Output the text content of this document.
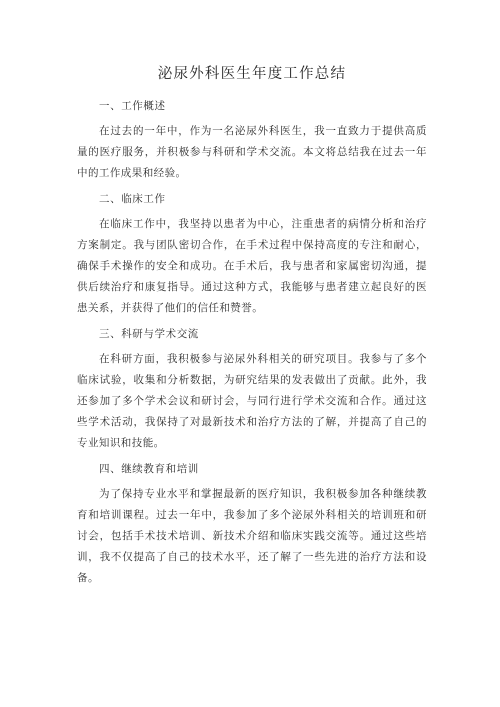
泌尿外科医生年度工作总结
一、工作概述

在过去的一年中，作为一名泌尿外科医生，我一直致力于提供高质量的医疗服务，并积极参与科研和学术交流。本文将总结我在过去一年中的工作成果和经验。

二、临床工作

在临床工作中，我坚持以患者为中心，注重患者的病情分析和治疗方案制定。我与团队密切合作，在手术过程中保持高度的专注和耐心，确保手术操作的安全和成功。在手术后，我与患者和家属密切沟通，提供后续治疗和康复指导。通过这种方式，我能够与患者建立起良好的医患关系，并获得了他们的信任和赞誉。

三、科研与学术交流

在科研方面，我积极参与泌尿外科相关的研究项目。我参与了多个临床试验，收集和分析数据，为研究结果的发表做出了贡献。此外，我还参加了多个学术会议和研讨会，与同行进行学术交流和合作。通过这些学术活动，我保持了对最新技术和治疗方法的了解，并提高了自己的专业知识和技能。

四、继续教育和培训

为了保持专业水平和掌握最新的医疗知识，我积极参加各种继续教育和培训课程。过去一年中，我参加了多个泌尿外科相关的培训班和研讨会，包括手术技术培训、新技术介绍和临床实践交流等。通过这些培训，我不仅提高了自己的技术水平，还了解了一些先进的治疗方法和设备。
